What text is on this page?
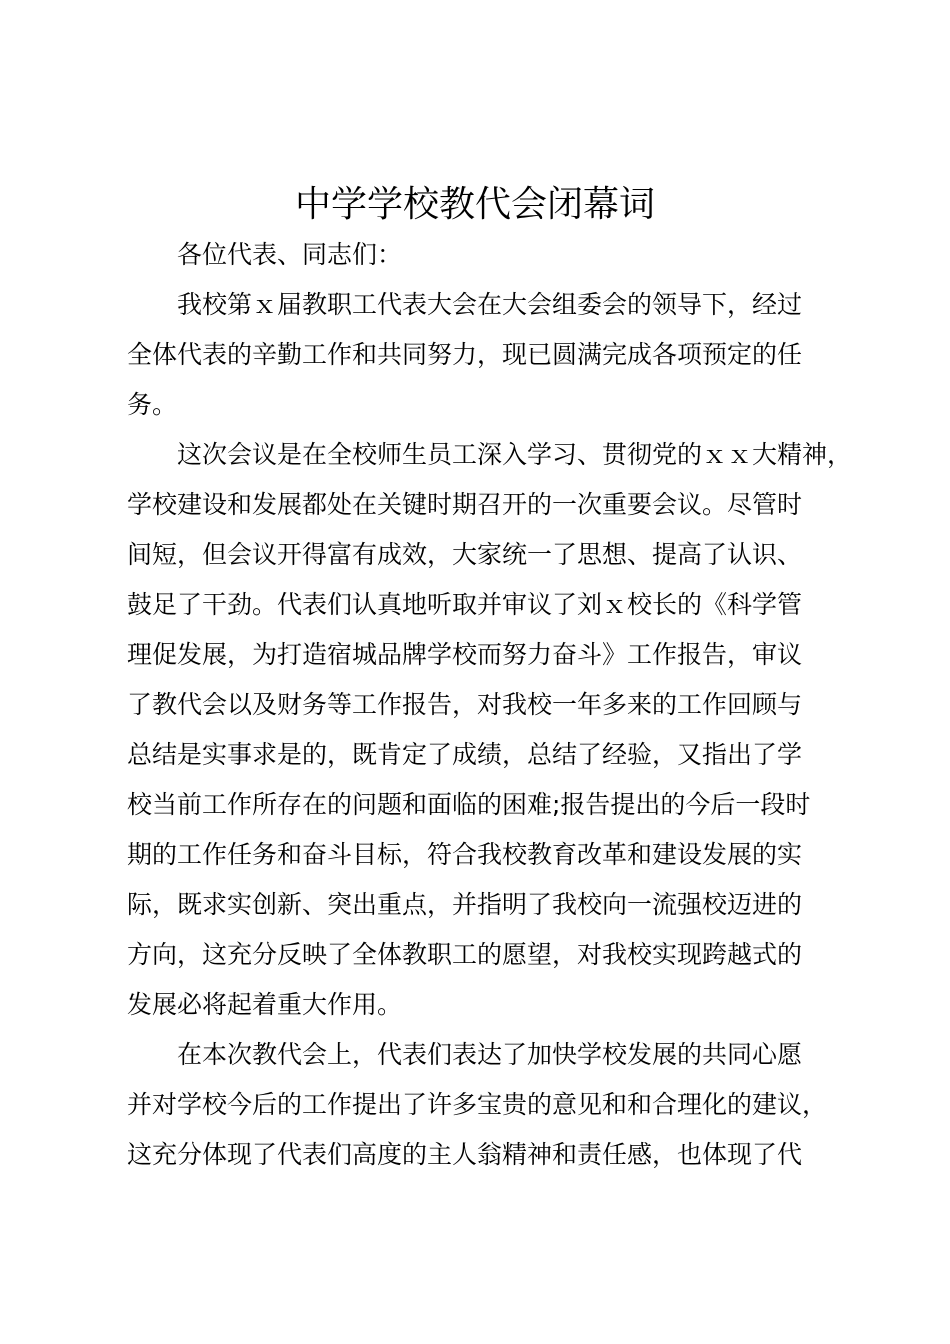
中学学校教代会闭幕词
各位代表、同志们：
我校第ｘ届教职工代表大会在大会组委会的领导下，经过
全体代表的辛勤工作和共同努力，现已圆满完成各项预定的任
务。
这次会议是在全校师生员工深入学习、贯彻党的ｘｘ大精神，
学校建设和发展都处在关键时期召开的一次重要会议。尽管时
间短，但会议开得富有成效，大家统一了思想、提高了认识、
鼓足了干劲。代表们认真地听取并审议了刘ｘ校长的《科学管
理促发展，为打造宿城品牌学校而努力奋斗》工作报告，审议
了教代会以及财务等工作报告，对我校一年多来的工作回顾与
总结是实事求是的，既肯定了成绩，总结了经验，又指出了学
校当前工作所存在的问题和面临的困难;报告提出的今后一段时
期的工作任务和奋斗目标，符合我校教育改革和建设发展的实
际，既求实创新、突出重点，并指明了我校向一流强校迈进的
方向，这充分反映了全体教职工的愿望，对我校实现跨越式的
发展必将起着重大作用。
在本次教代会上，代表们表达了加快学校发展的共同心愿
并对学校今后的工作提出了许多宝贵的意见和和合理化的建议，
这充分体现了代表们高度的主人翁精神和责任感，也体现了代
